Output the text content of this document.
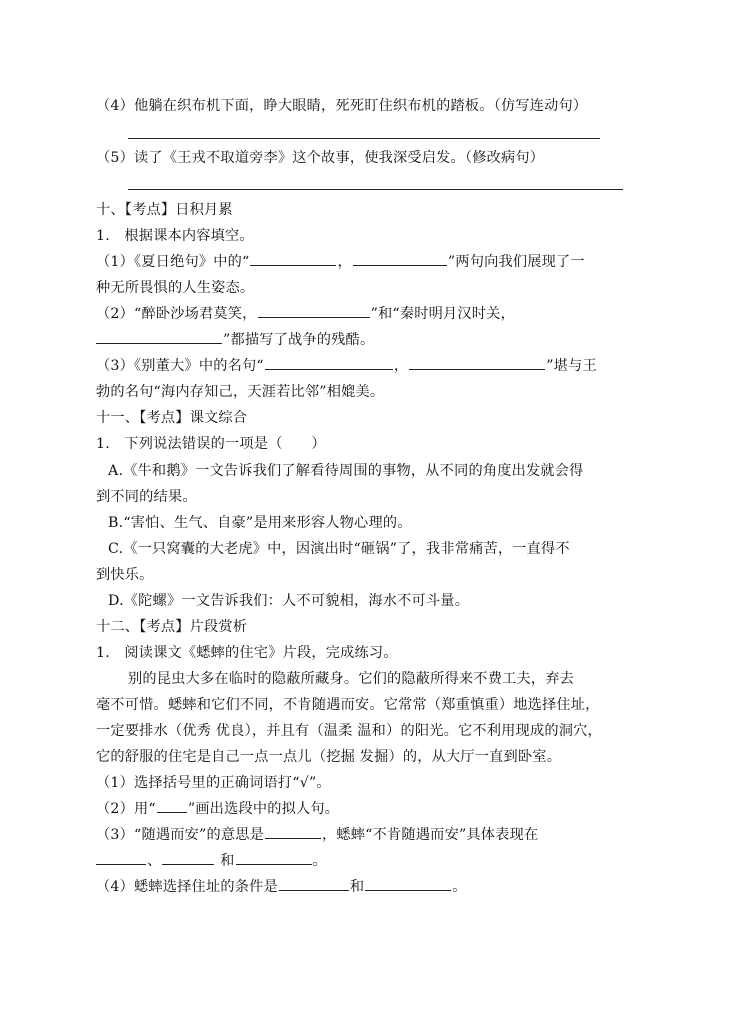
（4）他躺在织布机下面，睁大眼睛，死死盯住织布机的踏板。（仿写连动句）
（5）读了《王戎不取道旁李》这个故事，使我深受启发。（修改病句）
十、【考点】日积月累
1.　根据课本内容填空。
（1）《夏日绝句》中的“	，	”两句向我们展现了一
种无所畏惧的人生姿态。
（2）“醉卧沙场君莫笑，	”和“秦时明月汉时关，
”都描写了战争的残酷。
（3）《别董大》中的名句“	，	”堪与王
勃的名句“海内存知己，天涯若比邻”相媲美。
十一、【考点】课文综合
1.　下列说法错误的一项是（　　）
A.《牛和鹅》一文告诉我们了解看待周围的事物，从不同的角度出发就会得
到不同的结果。
B.“害怕、生气、自豪”是用来形容人物心理的。
C.《一只窝囊的大老虎》中，因演出时“砸锅”了，我非常痛苦，一直得不
到快乐。
D.《陀螺》一文告诉我们：人不可貌相，海水不可斗量。
十二、【考点】片段赏析
1.　阅读课文《蟋蟀的住宅》片段，完成练习。
别的昆虫大多在临时的隐蔽所藏身。它们的隐蔽所得来不费工夫，弃去
毫不可惜。蟋蟀和它们不同，不肯随遇而安。它常常（郑重慎重）地选择住址，
一定要排水（优秀 优良），并且有（温柔 温和）的阳光。它不利用现成的洞穴，
它的舒服的住宅是自己一点一点儿（挖掘 发掘）的，从大厅一直到卧室。
（1）选择括号里的正确词语打“√”。
（2）用“ ”画出选段中的拟人句。
（3）“随遇而安”的意思是	，蟋蟀“不肯随遇而安”具体表现在
、	和	。
（4）蟋蟀选择住址的条件是	和	。
